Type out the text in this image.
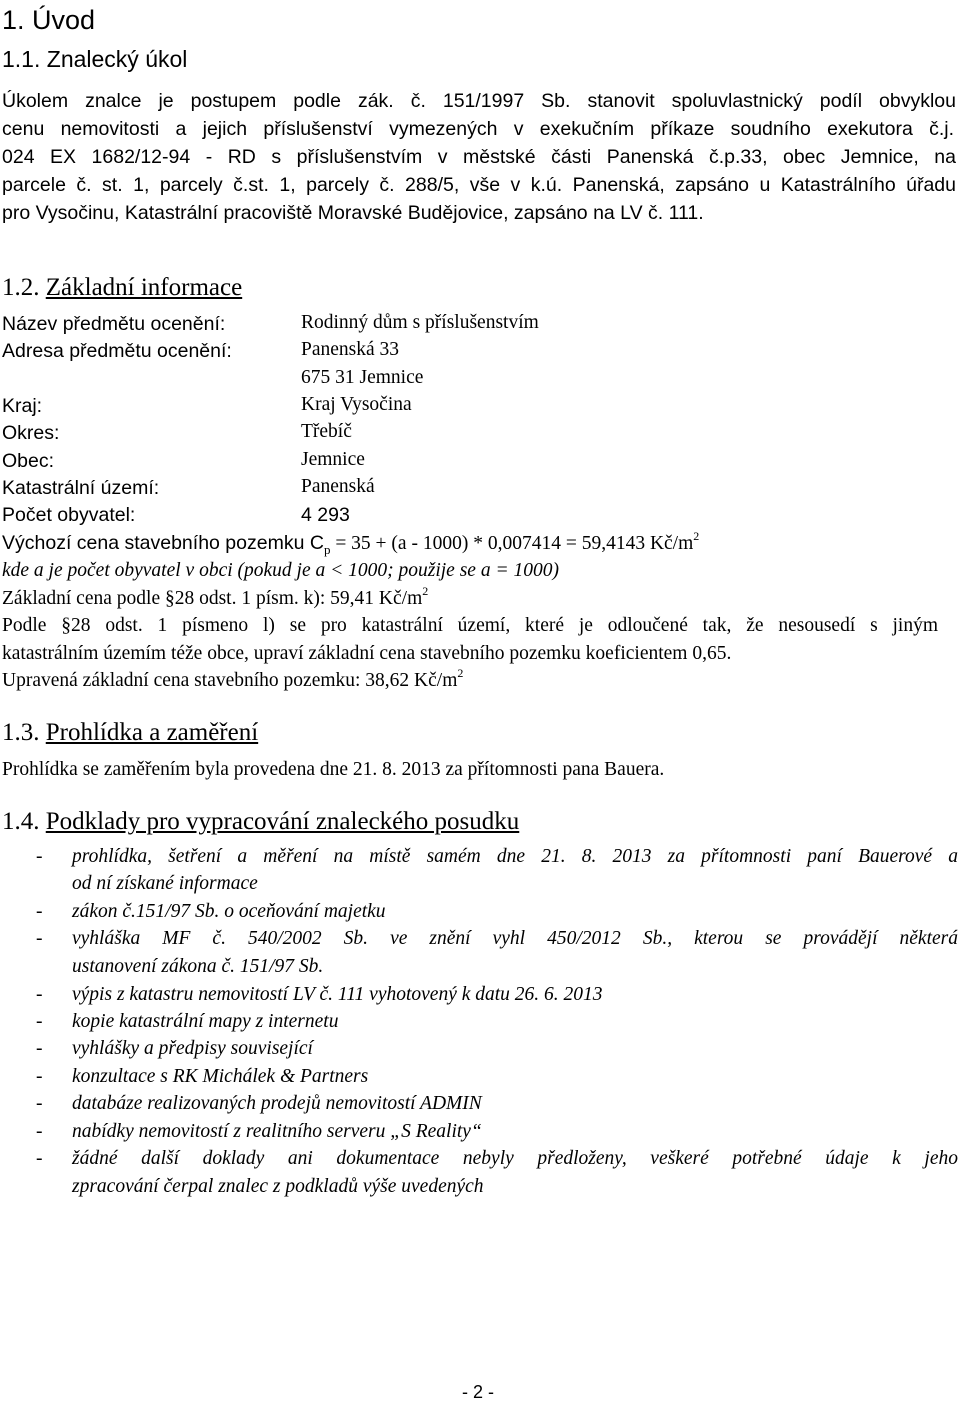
1. Úvod
1.1. Znalecký úkol
Úkolem znalce je postupem podle zák. č. 151/1997 Sb. stanovit spoluvlastnický podíl obvyklou
cenu nemovitosti a jejich příslušenství vymezených v exekučním příkaze soudního exekutora č.j.
024 EX 1682/12-94 - RD s příslušenstvím v městské části Panenská č.p.33, obec Jemnice, na
parcele č. st. 1, parcely č.st. 1, parcely č. 288/5, vše v k.ú. Panenská, zapsáno u Katastrálního úřadu
pro Vysočinu, Katastrální pracoviště Moravské Budějovice, zapsáno na LV č. 111.
1.2. Základní informace
Název předmětu ocenění:	Rodinný dům s příslušenstvím
Adresa předmětu ocenění:	Panenská 33
675 31 Jemnice
Kraj:	Kraj Vysočina
Okres:	Třebíč
Obec:	Jemnice
Katastrální území:	Panenská
Počet obyvatel:	4 293
Výchozí cena stavebního pozemku $C_p = 35 + (a - 1000) * 0,007414 = 59,4143$ $Kč/m^2$
kde a je počet obyvatel v obci (pokud je a < 1000; použije se a = 1000)
Základní cena podle §28 odst. 1 písm. k): 59,41 $Kč/m^2$
Podle §28 odst. 1 písmeno l) se pro katastrální území, které je odloučené tak, že nesousedí s jiným
katastrálním územím téže obce, upraví základní cena stavebního pozemku koeficientem 0,65.
Upravená základní cena stavebního pozemku: 38,62 $Kč/m^2$
1.3. Prohlídka a zaměření
Prohlídka se zaměřením byla provedena dne 21. 8. 2013 za přítomnosti pana Bauera.
1.4. Podklady pro vypracování znaleckého posudku
- prohlídka, šetření a měření na místě samém dne 21. 8. 2013 za přítomnosti paní Bauerové a
od ní získané informace
- zákon č.151/97 Sb. o oceňování majetku
- vyhláška MF č. 540/2002 Sb. ve znění vyhl 450/2012 Sb., kterou se provádějí některá
ustanovení zákona č. 151/97 Sb.
- výpis z katastru nemovitostí LV č. 111 vyhotovený k datu 26. 6. 2013
- kopie katastrální mapy z internetu
- vyhlášky a předpisy související
- konzultace s RK Michálek & Partners
- databáze realizovaných prodejů nemovitostí ADMIN
- nabídky nemovitostí z realitního serveru „S Reality“
- žádné další doklady ani dokumentace nebyly předloženy, veškeré potřebné údaje k jeho
zpracování čerpal znalec z podkladů výše uvedených
- 2 -
